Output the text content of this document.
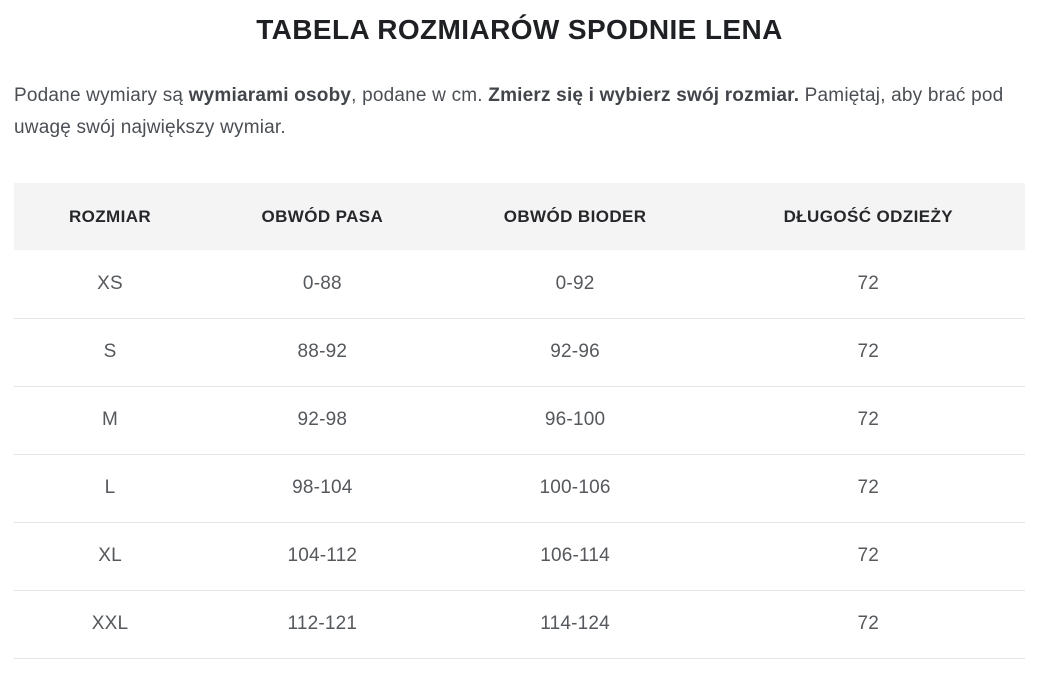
TABELA ROZMIARÓW SPODNIE LENA

Podane wymiary są wymiarami osoby, podane w cm. Zmierz się i wybierz swój rozmiar. Pamiętaj, aby brać pod uwagę swój największy wymiar.

ROZMIAR	OBWÓD PASA	OBWÓD BIODER	DŁUGOŚĆ ODZIEŻY
XS	0-88	0-92	72
S	88-92	92-96	72
M	92-98	96-100	72
L	98-104	100-106	72
XL	104-112	106-114	72
XXL	112-121	114-124	72
